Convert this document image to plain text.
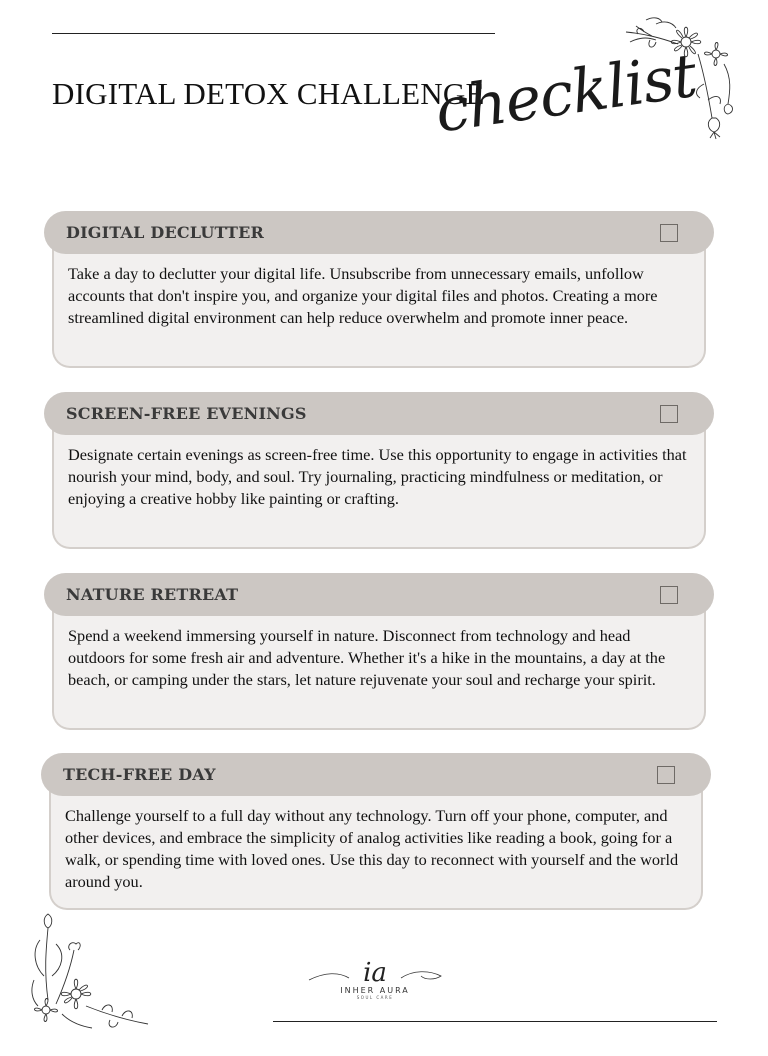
DIGITAL DETOX CHALLENGE
checklist
Take a day to declutter your digital life. Unsubscribe from unnecessary emails, unfollow accounts that don't inspire you, and organize your digital files and photos. Creating a more streamlined digital environment can help reduce overwhelm and promote inner peace.
DIGITAL DECLUTTER
Designate certain evenings as screen-free time. Use this opportunity to engage in activities that nourish your mind, body, and soul. Try journaling, practicing mindfulness or meditation, or enjoying a creative hobby like painting or crafting.
SCREEN-FREE EVENINGS
Spend a weekend immersing yourself in nature. Disconnect from technology and head outdoors for some fresh air and adventure. Whether it's a hike in the mountains, a day at the beach, or camping under the stars, let nature rejuvenate your soul and recharge your spirit.
NATURE RETREAT
Challenge yourself to a full day without any technology. Turn off your phone, computer, and other devices, and embrace the simplicity of analog activities like reading a book, going for a walk, or spending time with loved ones. Use this day to reconnect with yourself and the world around you.
TECH-FREE DAY
ia
INHER AURA
SOUL CARE
